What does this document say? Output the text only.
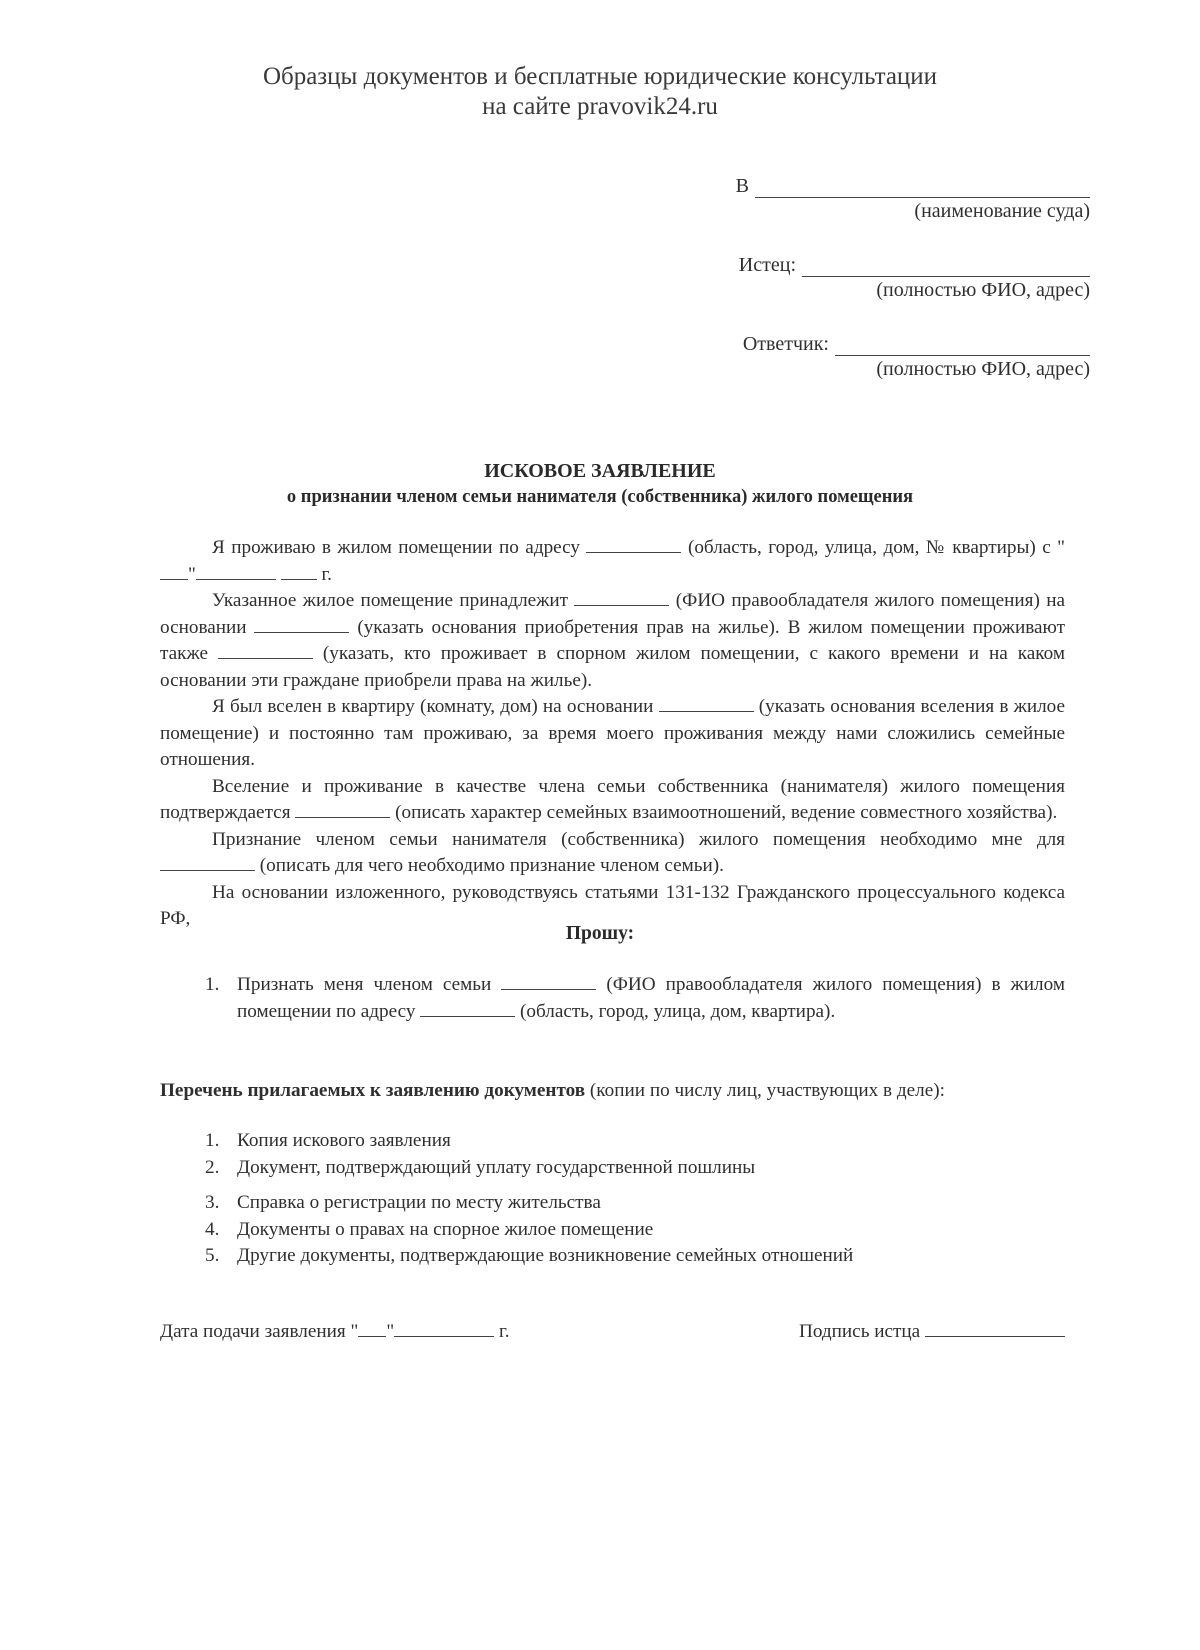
Образцы документов и бесплатные юридические консультации
на сайте pravovik24.ru
В
(наименование суда)
Истец:
(полностью ФИО, адрес)
Ответчик:
(полностью ФИО, адрес)
ИСКОВОЕ ЗАЯВЛЕНИЕ
о признании членом семьи нанимателя (собственника) жилого помещения

Я проживаю в жилом помещении по адресу	(область, город, улица, дом, № квартиры) с ""	г.

Указанное жилое помещение принадлежит	(ФИО правообладателя жилого помещения) на основании	(указать основания приобретения прав на жилье). В жилом помещении проживают также	(указать, кто проживает в спорном жилом помещении, с какого времени и на каком основании эти граждане приобрели права на жилье).

Я был вселен в квартиру (комнату, дом) на основании	(указать основания вселения в жилое помещение) и постоянно там проживаю, за время моего проживания между нами сложились семейные отношения.

Вселение и проживание в качестве члена семьи собственника (нанимателя) жилого помещения подтверждается	(описать характер семейных взаимоотношений, ведение совместного хозяйства).

Признание членом семьи нанимателя (собственника) жилого помещения необходимо мне для  (описать для чего необходимо признание членом семьи).

На основании изложенного, руководствуясь статьями 131-132 Гражданского процессуального кодекса РФ,

Прошу:
1. Признать меня членом семьи	(ФИО правообладателя жилого помещения) в жилом помещении по адресу	(область, город, улица, дом, квартира).
Перечень прилагаемых к заявлению документов (копии по числу лиц, участвующих в деле):
1. Копия искового заявления
2. Документ, подтверждающий уплату государственной пошлины
3. Справка о регистрации по месту жительства
4. Документы о правах на спорное жилое помещение
5. Другие документы, подтверждающие возникновение семейных отношений
Дата подачи заявления " "	г.	Подпись истца
